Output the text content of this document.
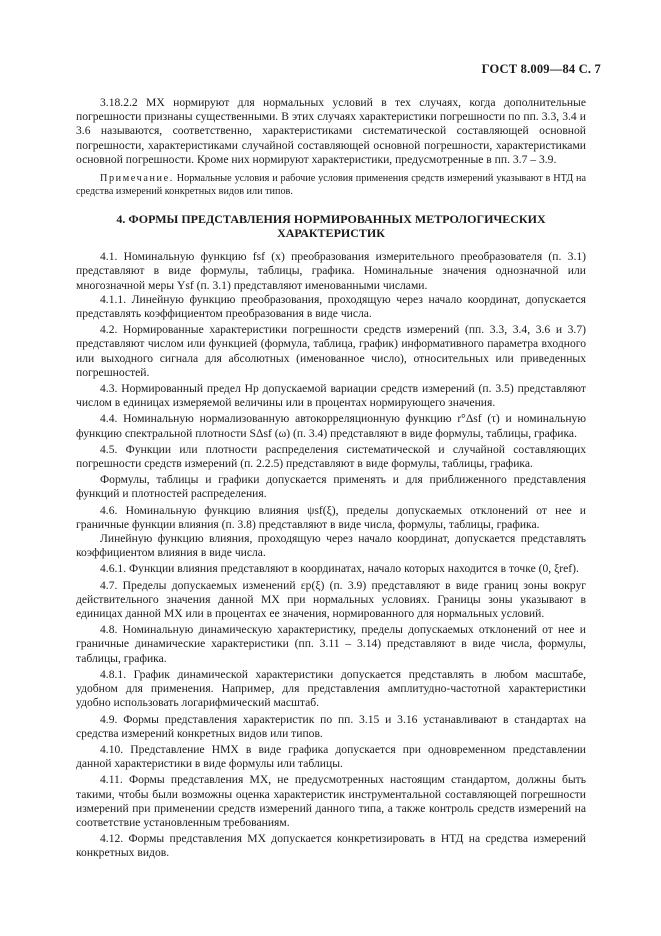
ГОСТ 8.009—84 С. 7

3.18.2.2 МХ нормируют для нормальных условий в тех случаях, когда дополнительные погрешности признаны существенными. В этих случаях характеристики погрешности по пп. 3.3, 3.4 и 3.6 называются, соответственно, характеристиками систематической составляющей основной погрешности, характеристиками случайной составляющей основной погрешности, характеристиками основной погрешности. Кроме них нормируют характеристики, предусмотренные в пп. 3.7 – 3.9.

Примечание. Нормальные условия и рабочие условия применения средств измерений указывают в НТД на средства измерений конкретных видов или типов.

4. ФОРМЫ ПРЕДСТАВЛЕНИЯ НОРМИРОВАННЫХ МЕТРОЛОГИЧЕСКИХ
ХАРАКТЕРИСТИК

4.1. Номинальную функцию fsf (x) преобразования измерительного преобразователя (п. 3.1) представляют в виде формулы, таблицы, графика. Номинальные значения однозначной или многозначной меры Ysf (п. 3.1) представляют именованными числами.

4.1.1. Линейную функцию преобразования, проходящую через начало координат, допускается представлять коэффициентом преобразования в виде числа.

4.2. Нормированные характеристики погрешности средств измерений (пп. 3.3, 3.4, 3.6 и 3.7) представляют числом или функцией (формула, таблица, график) информативного параметра входного или выходного сигнала для абсолютных (именованное число), относительных или приведенных погрешностей.

4.3. Нормированный предел Hp допускаемой вариации средств измерений (п. 3.5) представляют числом в единицах измеряемой величины или в процентах нормирующего значения.

4.4. Номинальную нормализованную автокорреляционную функцию r°Δsf (τ) и номинальную функцию спектральной плотности SΔsf (ω) (п. 3.4) представляют в виде формулы, таблицы, графика.

4.5. Функции или плотности распределения систематической и случайной составляющих погрешности средств измерений (п. 2.2.5) представляют в виде формулы, таблицы, графика.

Формулы, таблицы и графики допускается применять и для приближенного представления функций и плотностей распределения.

4.6. Номинальную функцию влияния ψsf(ξ), пределы допускаемых отклонений от нее и граничные функции влияния (п. 3.8) представляют в виде числа, формулы, таблицы, графика.

Линейную функцию влияния, проходящую через начало координат, допускается представлять коэффициентом влияния в виде числа.

4.6.1. Функции влияния представляют в координатах, начало которых находится в точке (0, ξref).

4.7. Пределы допускаемых изменений εp(ξ) (п. 3.9) представляют в виде границ зоны вокруг действительного значения данной МХ при нормальных условиях. Границы зоны указывают в единицах данной МХ или в процентах ее значения, нормированного для нормальных условий.

4.8. Номинальную динамическую характеристику, пределы допускаемых отклонений от нее и граничные динамические характеристики (пп. 3.11 – 3.14) представляют в виде числа, формулы, таблицы, графика.

4.8.1. График динамической характеристики допускается представлять в любом масштабе, удобном для применения. Например, для представления амплитудно-частотной характеристики удобно использовать логарифмический масштаб.

4.9. Формы представления характеристик по пп. 3.15 и 3.16 устанавливают в стандартах на средства измерений конкретных видов или типов.

4.10. Представление НМХ в виде графика допускается при одновременном представлении данной характеристики в виде формулы или таблицы.

4.11. Формы представления МХ, не предусмотренных настоящим стандартом, должны быть такими, чтобы были возможны оценка характеристик инструментальной составляющей погрешности измерений при применении средств измерений данного типа, а также контроль средств измерений на соответствие установленным требованиям.

4.12. Формы представления МХ допускается конкретизировать в НТД на средства измерений конкретных видов.
